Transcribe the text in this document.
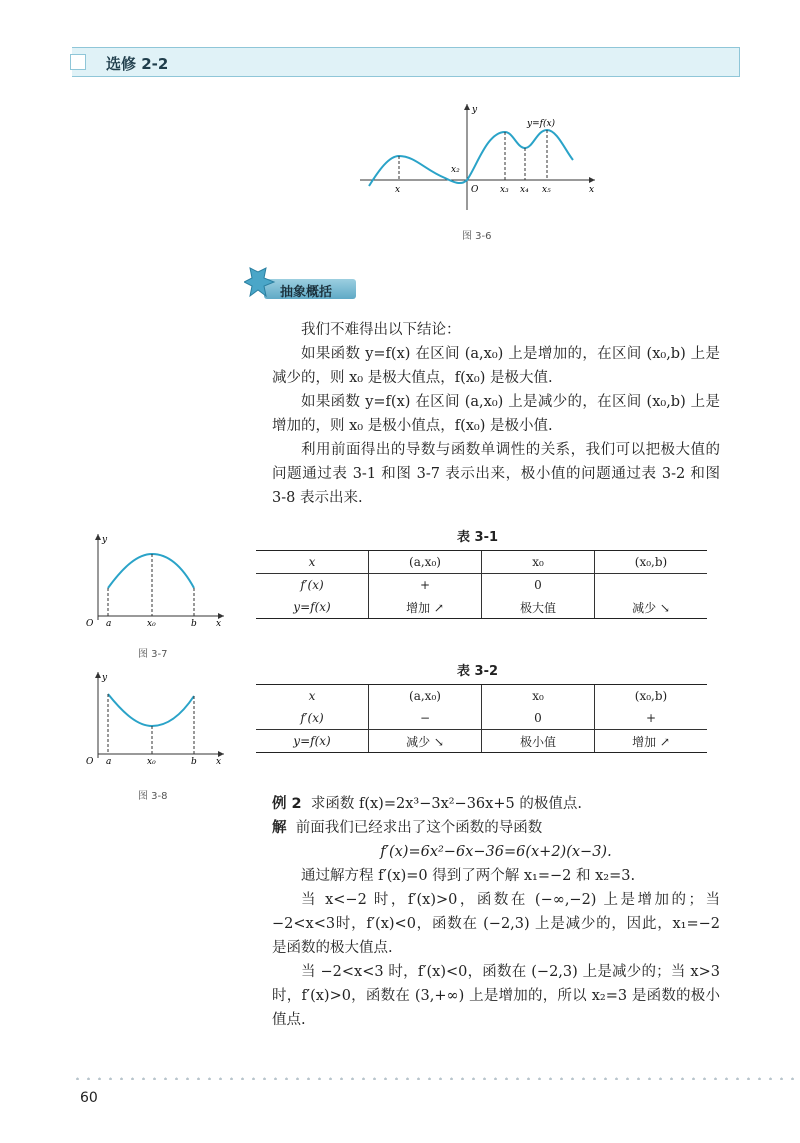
选修 2-2
y
x
y=f(x)
x
x₂
O x₃ x₄ x₅
图 3-6
抽象概括

我们不难得出以下结论：

如果函数 y=f(x) 在区间 (a,x₀) 上是增加的，在区间 (x₀,b) 上是减少的，则 x₀ 是极大值点，f(x₀) 是极大值.

如果函数 y=f(x) 在区间 (a,x₀) 上是减少的，在区间 (x₀,b) 上是增加的，则 x₀ 是极小值点，f(x₀) 是极小值.

利用前面得出的导数与函数单调性的关系，我们可以把极大值的问题通过表 3-1 和图 3-7 表示出来，极小值的问题通过表 3-2 和图 3-8 表示出来.

y
x
O a	x₀	b
图 3-7
y
x
O a	x₀	b
图 3-8
表 3-1
x	(a,x₀)	x₀	(x₀,b)
f′(x)	+	0	
y=f(x)	增加 ↗	极大值	减少 ↘
表 3-2
x	(a,x₀)	x₀	(x₀,b)
f′(x)	−	0	+
y=f(x)	减少 ↘	极小值	增加 ↗

例 2 求函数 f(x)=2x³−3x²−36x+5 的极值点.

解 前面我们已经求出了这个函数的导函数

f′(x)=6x²−6x−36=6(x+2)(x−3).

通过解方程 f′(x)=0 得到了两个解 x₁=−2 和 x₂=3.

当 x<−2 时，f′(x)>0，函数在 (−∞,−2) 上是增加的；当 −2<x<3时，f′(x)<0，函数在 (−2,3) 上是减少的，因此，x₁=−2 是函数的极大值点.

当 −2<x<3 时，f′(x)<0，函数在 (−2,3) 上是减少的；当 x>3 时，f′(x)>0，函数在 (3,+∞) 上是增加的，所以 x₂=3 是函数的极小值点.

60
